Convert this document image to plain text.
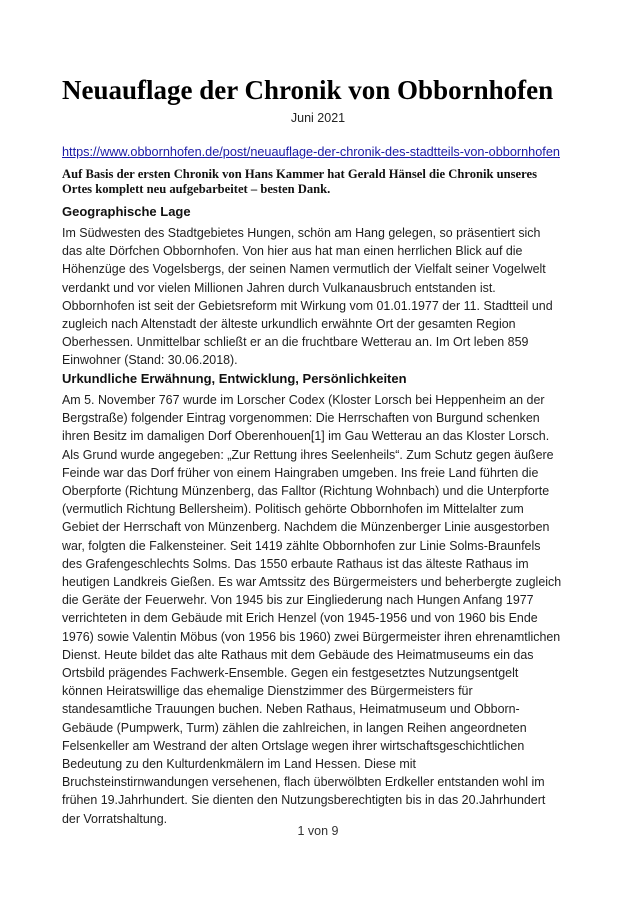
Neuauflage der Chronik von Obbornhofen
Juni 2021
https://www.obbornhofen.de/post/neuauflage-der-chronik-des-stadtteils-von-obbornhofen

Auf Basis der ersten Chronik von Hans Kammer hat Gerald Hänsel die Chronik unseres
Ortes komplett neu aufgebarbeitet – besten Dank.

Geographische Lage

Im Südwesten des Stadtgebietes Hungen, schön am Hang gelegen, so präsentiert sich
das alte Dörfchen Obbornhofen. Von hier aus hat man einen herrlichen Blick auf die
Höhenzüge des Vogelsbergs, der seinen Namen vermutlich der Vielfalt seiner Vogelwelt
verdankt und vor vielen Millionen Jahren durch Vulkanausbruch entstanden ist.
Obbornhofen ist seit der Gebietsreform mit Wirkung vom 01.01.1977 der 11. Stadtteil und
zugleich nach Altenstadt der älteste urkundlich erwähnte Ort der gesamten Region
Oberhessen. Unmittelbar schließt er an die fruchtbare Wetterau an. Im Ort leben 859
Einwohner (Stand: 30.06.2018).

Urkundliche Erwähnung, Entwicklung, Persönlichkeiten

Am 5. November 767 wurde im Lorscher Codex (Kloster Lorsch bei Heppenheim an der
Bergstraße) folgender Eintrag vorgenommen: Die Herrschaften von Burgund schenken
ihren Besitz im damaligen Dorf Oberenhouen[1] im Gau Wetterau an das Kloster Lorsch.
Als Grund wurde angegeben: „Zur Rettung ihres Seelenheils“. Zum Schutz gegen äußere
Feinde war das Dorf früher von einem Haingraben umgeben. Ins freie Land führten die
Oberpforte (Richtung Münzenberg, das Falltor (Richtung Wohnbach) und die Unterpforte
(vermutlich Richtung Bellersheim). Politisch gehörte Obbornhofen im Mittelalter zum
Gebiet der Herrschaft von Münzenberg. Nachdem die Münzenberger Linie ausgestorben
war, folgten die Falkensteiner. Seit 1419 zählte Obbornhofen zur Linie Solms-Braunfels
des Grafengeschlechts Solms. Das 1550 erbaute Rathaus ist das älteste Rathaus im
heutigen Landkreis Gießen. Es war Amtssitz des Bürgermeisters und beherbergte zugleich
die Geräte der Feuerwehr. Von 1945 bis zur Eingliederung nach Hungen Anfang 1977
verrichteten in dem Gebäude mit Erich Henzel (von 1945-1956 und von 1960 bis Ende
1976) sowie Valentin Möbus (von 1956 bis 1960) zwei Bürgermeister ihren ehrenamtlichen
Dienst. Heute bildet das alte Rathaus mit dem Gebäude des Heimatmuseums ein das
Ortsbild prägendes Fachwerk-Ensemble. Gegen ein festgesetztes Nutzungsentgelt
können Heiratswillige das ehemalige Dienstzimmer des Bürgermeisters für
standesamtliche Trauungen buchen. Neben Rathaus, Heimatmuseum und Obborn-
Gebäude (Pumpwerk, Turm) zählen die zahlreichen, in langen Reihen angeordneten
Felsenkeller am Westrand der alten Ortslage wegen ihrer wirtschaftsgeschichtlichen
Bedeutung zu den Kulturdenkmälern im Land Hessen. Diese mit
Bruchsteinstirnwandungen versehenen, flach überwölbten Erdkeller entstanden wohl im
frühen 19.Jahrhundert. Sie dienten den Nutzungsberechtigten bis in das 20.Jahrhundert
der Vorratshaltung.

1 von 9
